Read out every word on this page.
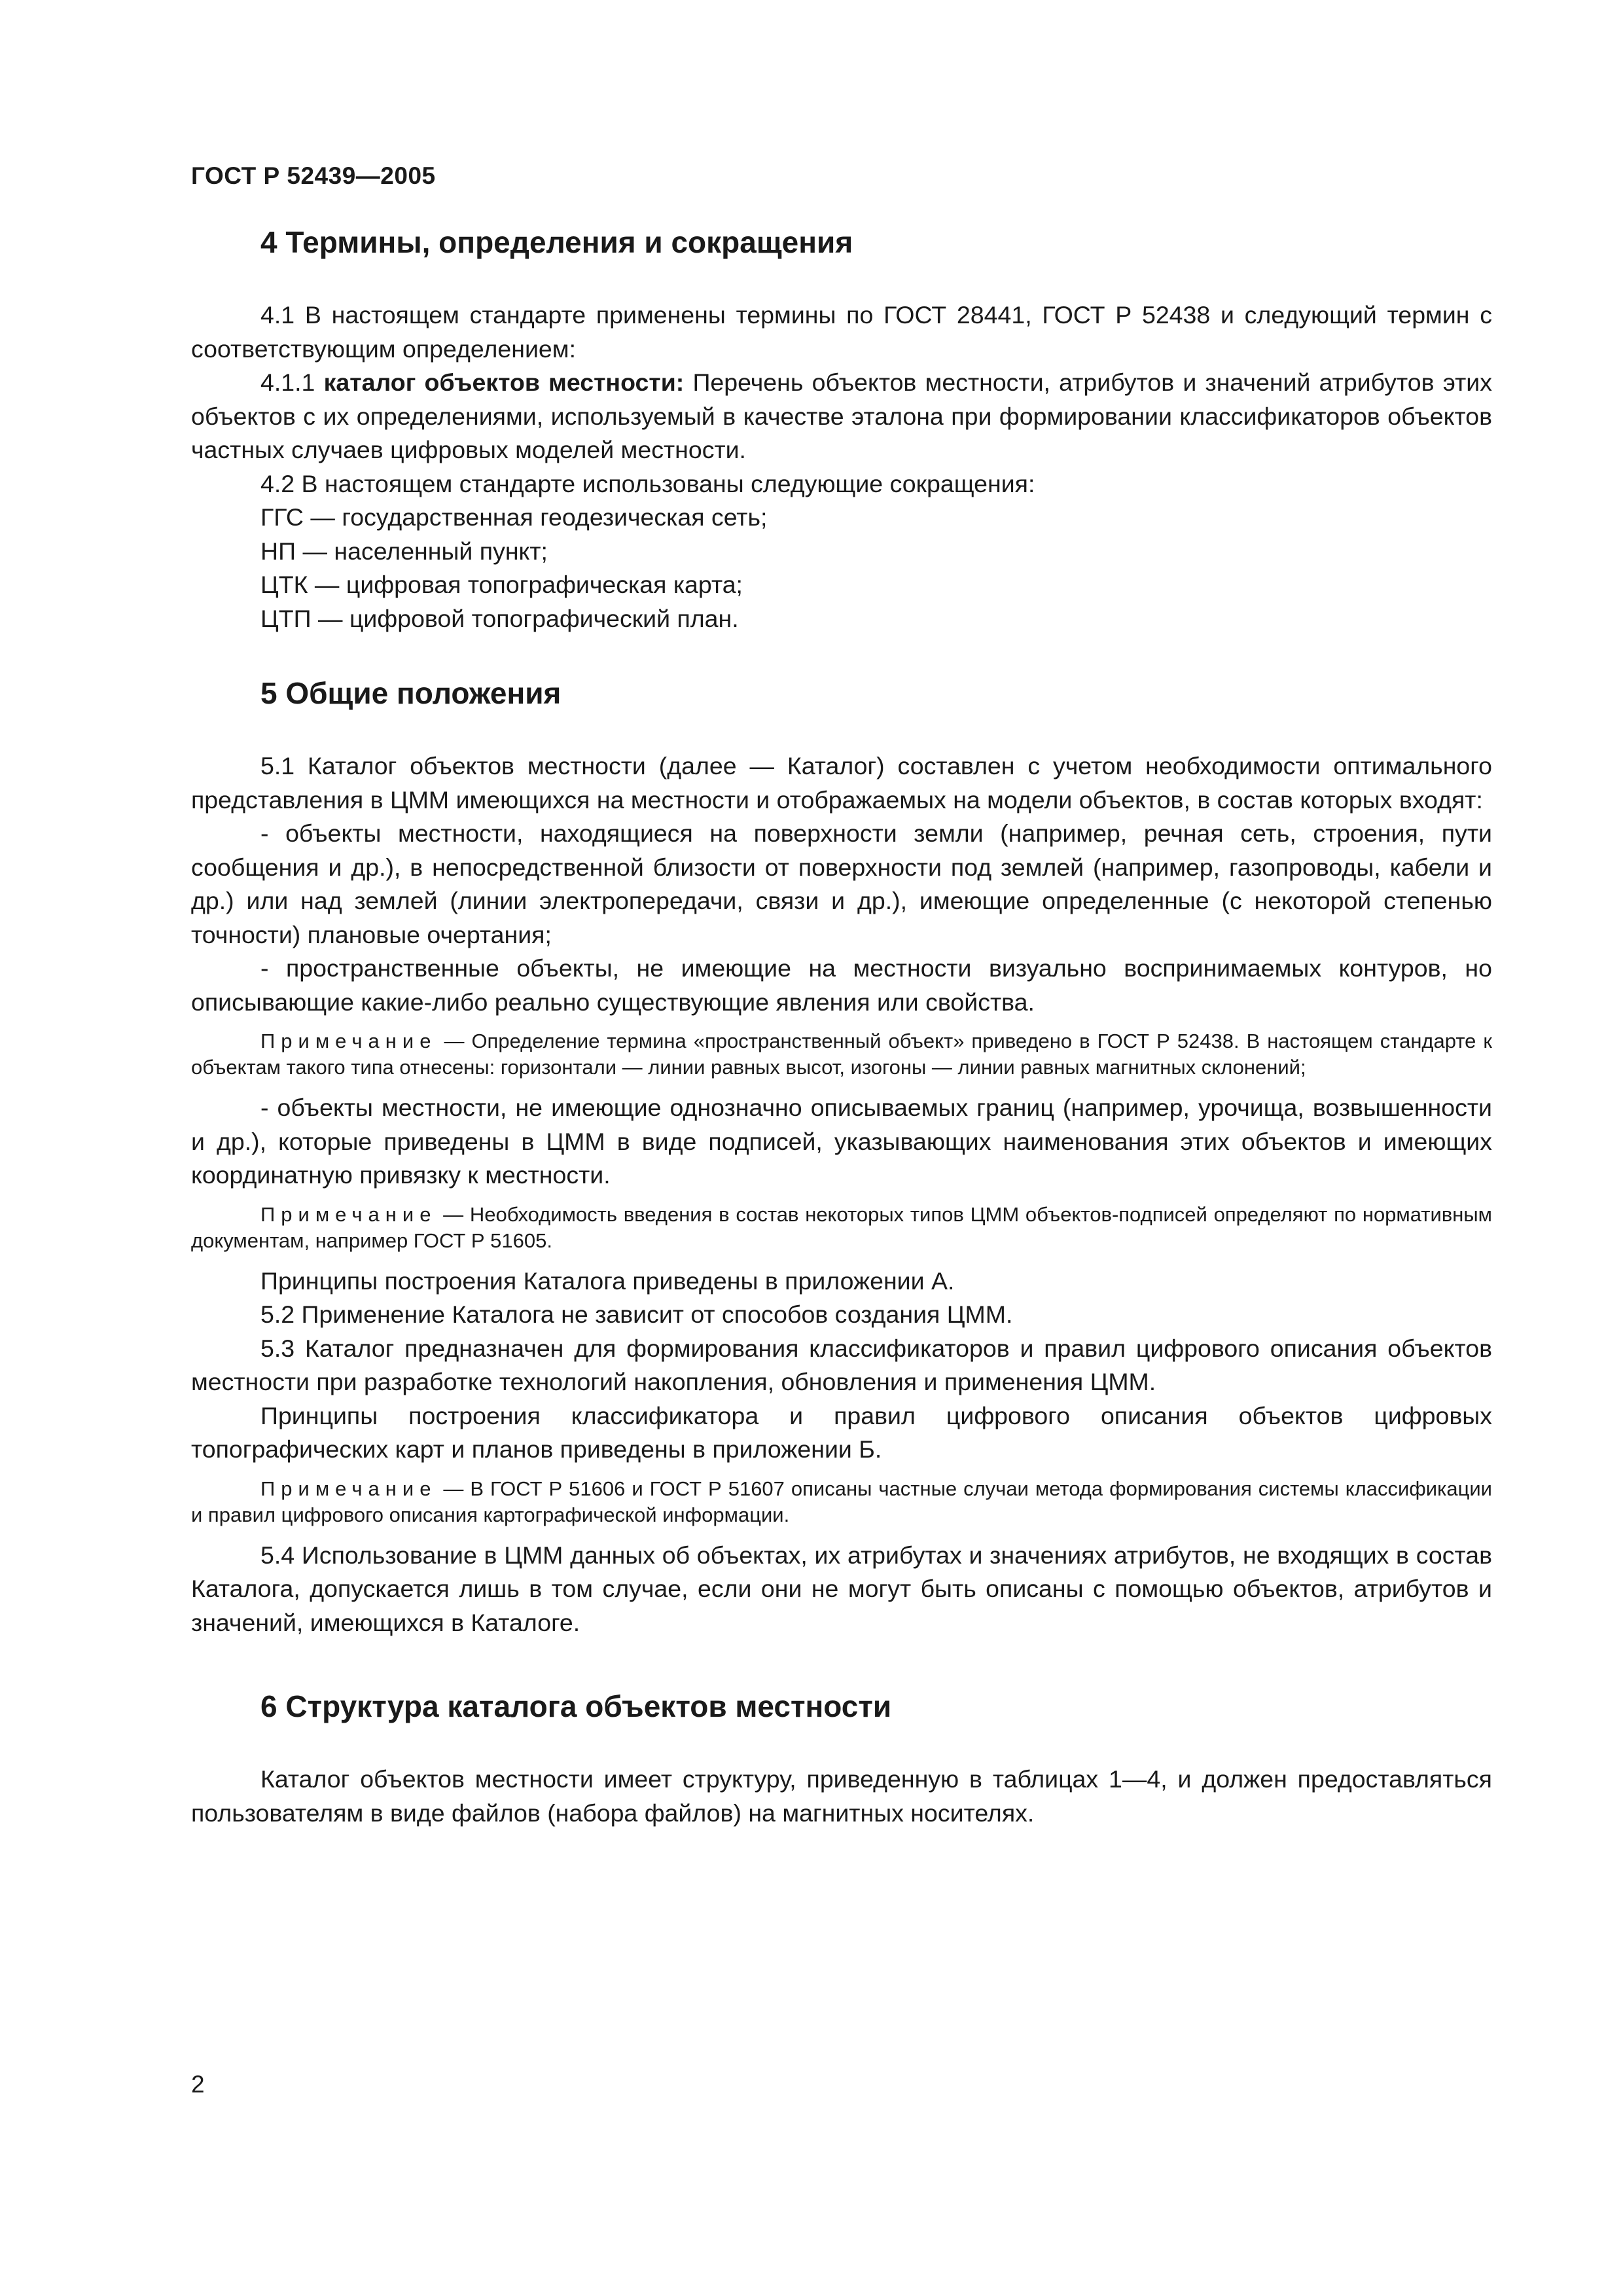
ГОСТ Р 52439—2005
4 Термины, определения и сокращения

4.1 В настоящем стандарте применены термины по ГОСТ 28441, ГОСТ Р 52438 и следующий термин с соответствующим определением:

4.1.1 каталог объектов местности: Перечень объектов местности, атрибутов и значений атрибутов этих объектов с их определениями, используемый в качестве эталона при формировании классификаторов объектов частных случаев цифровых моделей местности.

4.2 В настоящем стандарте использованы следующие сокращения:

ГГС — государственная геодезическая сеть;
НП — населенный пункт;
ЦТК — цифровая топографическая карта;
ЦТП — цифровой топографический план.
5 Общие положения

5.1 Каталог объектов местности (далее — Каталог) составлен с учетом необходимости оптимального представления в ЦММ имеющихся на местности и отображаемых на модели объектов, в состав которых входят:

- объекты местности, находящиеся на поверхности земли (например, речная сеть, строения, пути сообщения и др.), в непосредственной близости от поверхности под землей (например, газопроводы, кабели и др.) или над землей (линии электропередачи, связи и др.), имеющие определенные (с некоторой степенью точности) плановые очертания;

- пространственные объекты, не имеющие на местности визуально воспринимаемых контуров, но описывающие какие-либо реально существующие явления или свойства.

Примечание — Определение термина «пространственный объект» приведено в ГОСТ Р 52438. В настоящем стандарте к объектам такого типа отнесены: горизонтали — линии равных высот, изогоны — линии равных магнитных склонений;

- объекты местности, не имеющие однозначно описываемых границ (например, урочища, возвышенности и др.), которые приведены в ЦММ в виде подписей, указывающих наименования этих объектов и имеющих координатную привязку к местности.

Примечание — Необходимость введения в состав некоторых типов ЦММ объектов-подписей определяют по нормативным документам, например ГОСТ Р 51605.

Принципы построения Каталога приведены в приложении А.

5.2 Применение Каталога не зависит от способов создания ЦММ.

5.3 Каталог предназначен для формирования классификаторов и правил цифрового описания объектов местности при разработке технологий накопления, обновления и применения ЦММ.

Принципы построения классификатора и правил цифрового описания объектов цифровых топографических карт и планов приведены в приложении Б.

Примечание — В ГОСТ Р 51606 и ГОСТ Р 51607 описаны частные случаи метода формирования системы классификации и правил цифрового описания картографической информации.

5.4 Использование в ЦММ данных об объектах, их атрибутах и значениях атрибутов, не входящих в состав Каталога, допускается лишь в том случае, если они не могут быть описаны с помощью объектов, атрибутов и значений, имеющихся в Каталоге.

6 Структура каталога объектов местности

Каталог объектов местности имеет структуру, приведенную в таблицах 1—4, и должен предоставляться пользователям в виде файлов (набора файлов) на магнитных носителях.

2
